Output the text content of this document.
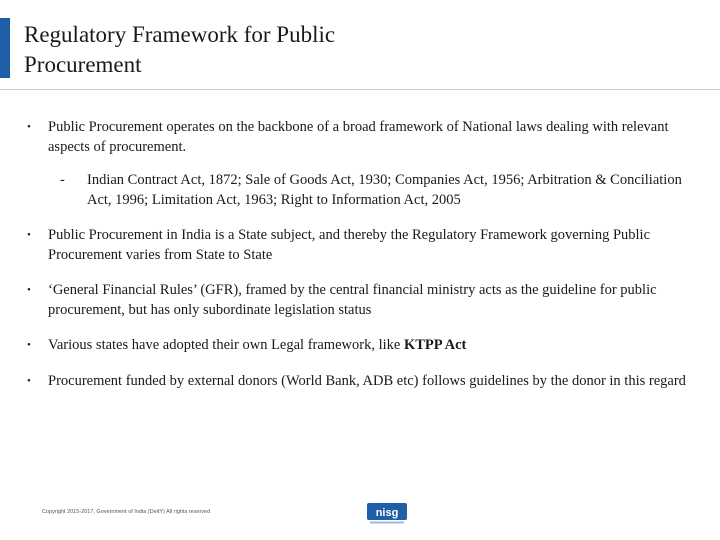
Regulatory Framework for Public
Procurement
• Public Procurement operates on the backbone of a broad framework of National laws dealing with relevant aspects of procurement.
- Indian Contract Act, 1872; Sale of Goods Act, 1930; Companies Act, 1956; Arbitration & Conciliation Act, 1996; Limitation Act, 1963; Right to Information Act, 2005
• Public Procurement in India is a State subject, and thereby the Regulatory Framework governing Public Procurement varies from State to State
• ‘General Financial Rules’ (GFR), framed by the central financial ministry acts as the guideline for public procurement, but has only subordinate legislation status
• Various states have adopted their own Legal framework, like KTPP Act
• Procurement funded by external donors (World Bank, ADB etc) follows guidelines by the donor in this regard
Copyright 2015-2017, Government of India (DeitY) All rights reserved	nisg
